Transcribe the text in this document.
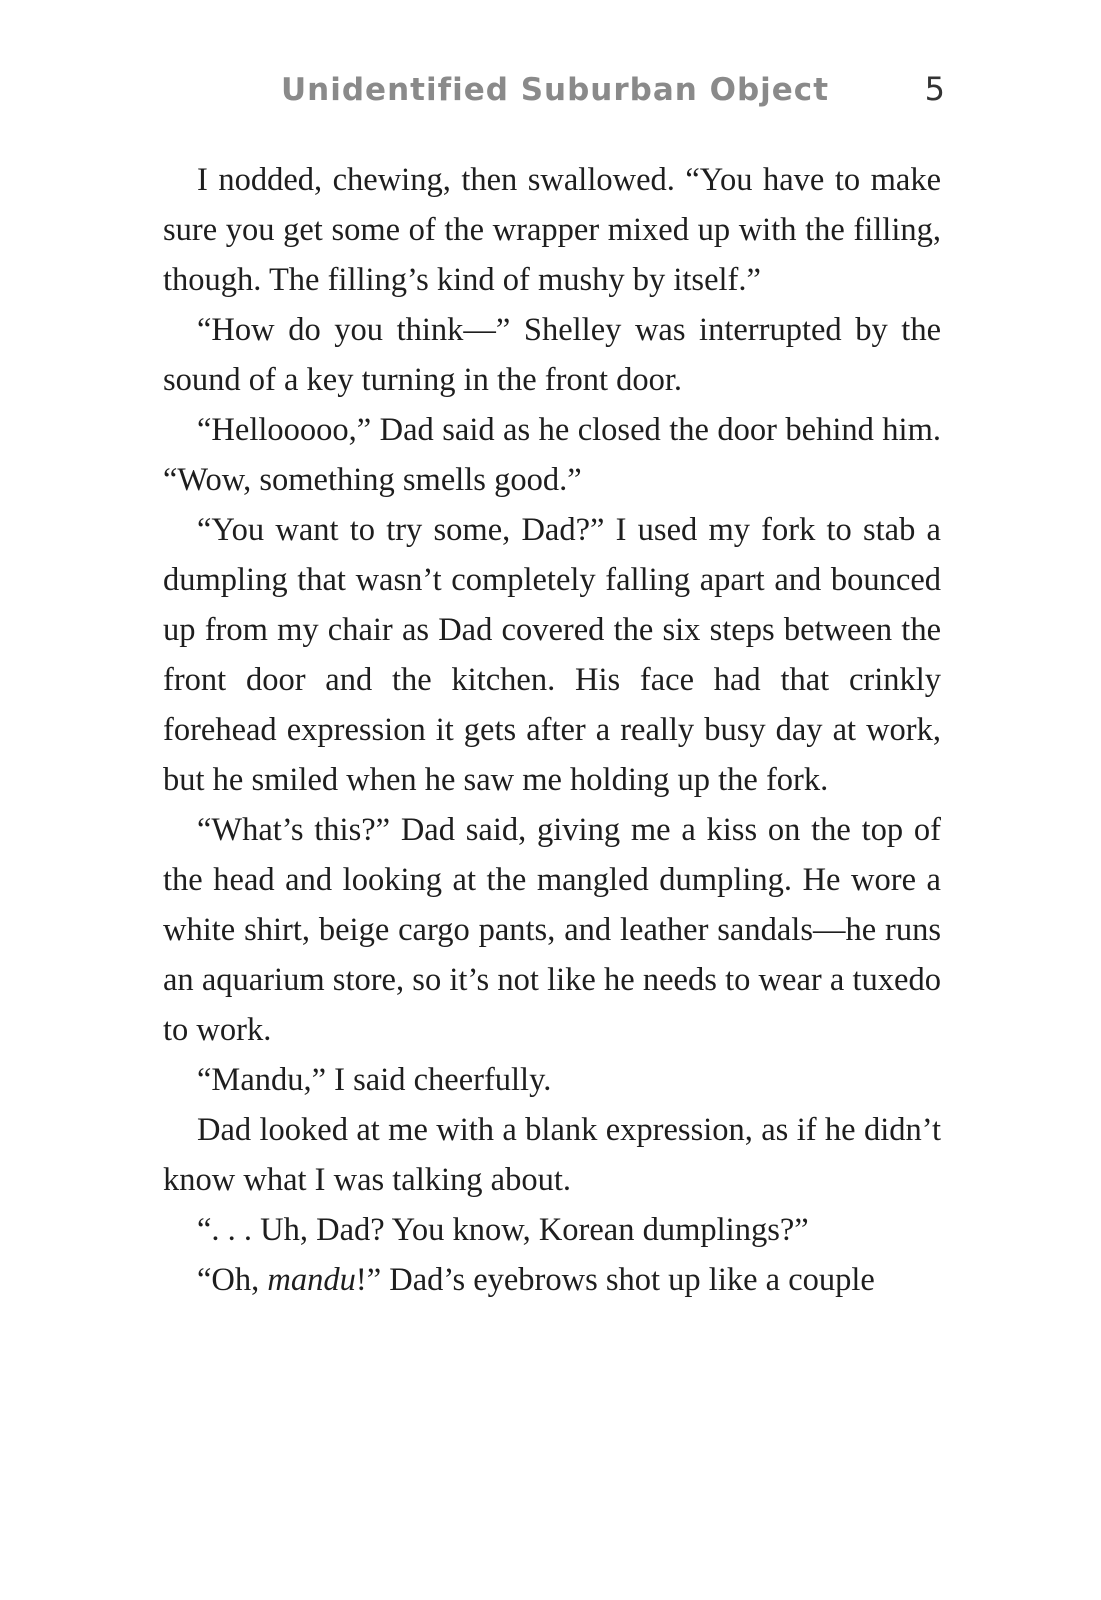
Unidentified Suburban Object	5

I nodded, chewing, then swallowed. “You have to make sure you get some of the wrapper mixed up with the filling, though. The filling’s kind of mushy by itself.”

“How do you think—” Shelley was interrupted by the sound of a key turning in the front door.

“Hellooooo,” Dad said as he closed the door behind him. “Wow, something smells good.”

“You want to try some, Dad?” I used my fork to stab a dumpling that wasn’t completely falling apart and bounced up from my chair as Dad covered the six steps between the front door and the kitchen. His face had that crinkly forehead expression it gets after a really busy day at work, but he smiled when he saw me holding up the fork.

“What’s this?” Dad said, giving me a kiss on the top of the head and looking at the mangled dumpling. He wore a white shirt, beige cargo pants, and leather sandals—he runs an aquarium store, so it’s not like he needs to wear a tuxedo to work.

“Mandu,” I said cheerfully.

Dad looked at me with a blank expression, as if he didn’t know what I was talking about.

“. . . Uh, Dad? You know, Korean dumplings?”

“Oh, mandu!” Dad’s eyebrows shot up like a couple
